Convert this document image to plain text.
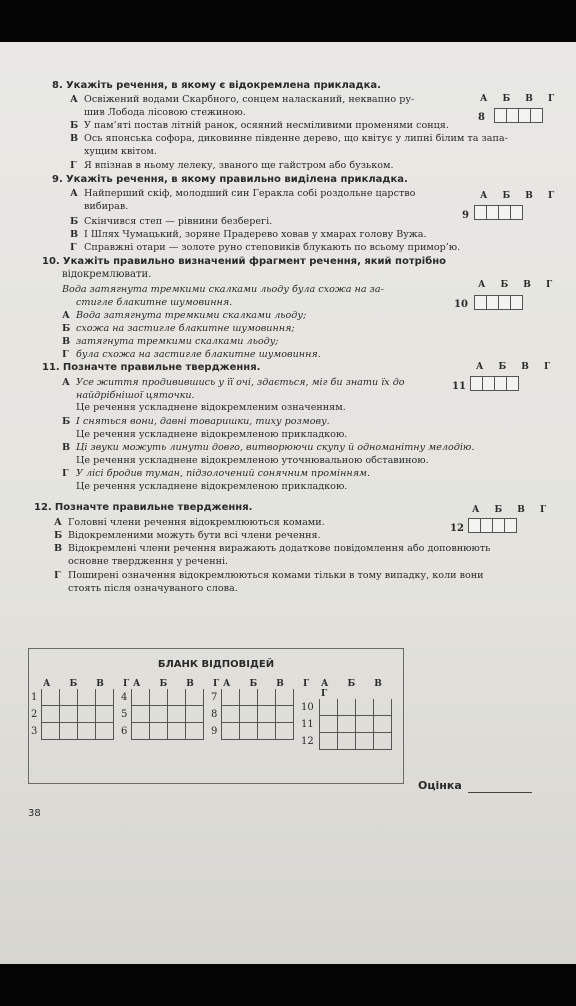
8. Укажіть речення, в якому є відокремлена прикладка.
А Освіжений водами Скарбного, сонцем наласканий, неквапно ру-
шив Лобода лісовою стежиною.
Б У пам’яті постав літній ранок, осяяний несміливими променями сонця.
В Ось японська софора, диковинне південне дерево, що квітує у липні білим та запа-
хущим квітом.
Г Я впізнав в ньому лелеку, званого ще гайстром або бузьком.
А Б В Г
8
9. Укажіть речення, в якому правильно виділена прикладка.
А Найперший скіф, молодший син Геракла собі роздольне царство
вибирав.
Б Скінчився степ — рівнини безберегі.
В І Шлях Чумацький, зоряне Прадерево ховав у хмарах голову Вужа.
Г Справжні отари — золоте руно степовиків блукають по всьому примор’ю.
А Б В Г
9
10. Укажіть правильно визначений фрагмент речення, який потрібно
відокремлювати.
Вода затягнута тремкими скалками льоду була схожа на за-
стигле блакитне шумовиння.
А Вода затягнута тремкими скалками льоду;
Б схожа на застигле блакитне шумовиння;
В затягнута тремкими скалками льоду;
Г була схожа на застигле блакитне шумовиння.
А Б В Г
10
11. Позначте правильне твердження.
А Усе життя продивившись у її очі, здається, міг би знати їх до
найдрібнішої цяточки.
Це речення ускладнене відокремленим означенням.
Б І сняться вони, давні товаришки, тиху розмову.
Це речення ускладнене відокремленою прикладкою.
В Ці звуки можуть линути довго, витворюючи скупу й одноманітну мелодію.
Це речення ускладнене відокремленою уточнювальною обставиною.
Г У лісі бродив туман, підзолочений сонячним промінням.
Це речення ускладнене відокремленою прикладкою.
А Б В Г
11
12. Позначте правильне твердження.
А Головні члени речення відокремлюються комами.
Б Відокремленими можуть бути всі члени речення.
В Відокремлені члени речення виражають додаткове повідомлення або доповнюють
основне твердження у реченні.
Г Поширені означення відокремлюються комами тільки в тому випадку, коли вони
стоять після означуваного слова.
А Б В Г
12
БЛАНК ВІДПОВІДЕЙ
А Б В Г
1
2
3
А Б В Г
4
5
6
А Б В Г
7
8
9
А Б В Г
10
11
12
Оцінка
38
